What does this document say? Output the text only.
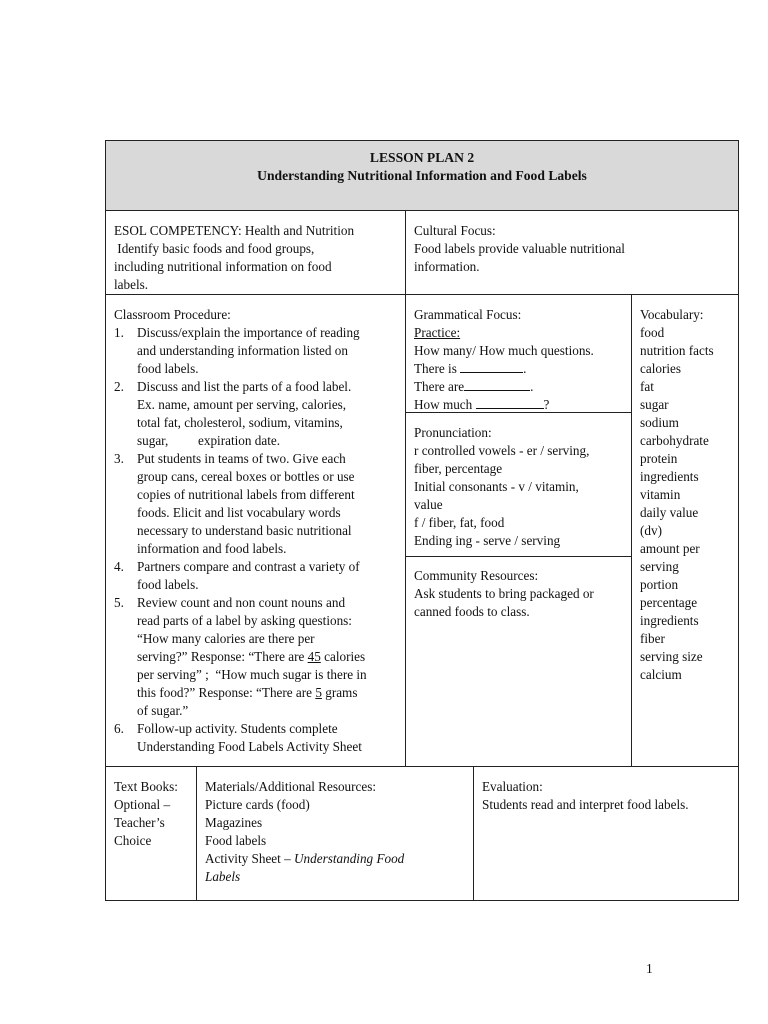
LESSON PLAN 2
Understanding Nutritional Information and Food Labels
ESOL COMPETENCY: Health and Nutrition
Identify basic foods and food groups,
including nutritional information on food
labels.
Cultural Focus:
Food labels provide valuable nutritional
information.
Classroom Procedure:
1. Discuss/explain the importance of reading
and understanding information listed on
food labels.
2. Discuss and list the parts of a food label.
Ex. name, amount per serving, calories,
total fat, cholesterol, sodium, vitamins,
sugar,         expiration date.
3. Put students in teams of two. Give each
group cans, cereal boxes or bottles or use
copies of nutritional labels from different
foods. Elicit and list vocabulary words
necessary to understand basic nutritional
information and food labels.
4. Partners compare and contrast a variety of
food labels.
5. Review count and non count nouns and
read parts of a label by asking questions:
“How many calories are there per
serving?” Response: “There are 45 calories
per serving” ;  “How much sugar is there in
this food?” Response: “There are 5 grams
of sugar.”
6. Follow-up activity. Students complete
Understanding Food Labels Activity Sheet
Grammatical Focus:
Practice:
How many/ How much questions.
There is	.
There are	.
How much	?
Pronunciation:
r controlled vowels - er / serving,
fiber, percentage
Initial consonants - v / vitamin,
value
f / fiber, fat, food
Ending ing - serve / serving
Community Resources:
Ask students to bring packaged or
canned foods to class.
Vocabulary:
food
nutrition facts
calories
fat
sugar
sodium
carbohydrate
protein
ingredients
vitamin
daily value
(dv)
amount per
serving
portion
percentage
ingredients
fiber
serving size
calcium
Text Books:
Optional –
Teacher’s
Choice
Materials/Additional Resources:
Picture cards (food)
Magazines
Food labels
Activity Sheet – Understanding Food
Labels
Evaluation:
Students read and interpret food labels.
1
